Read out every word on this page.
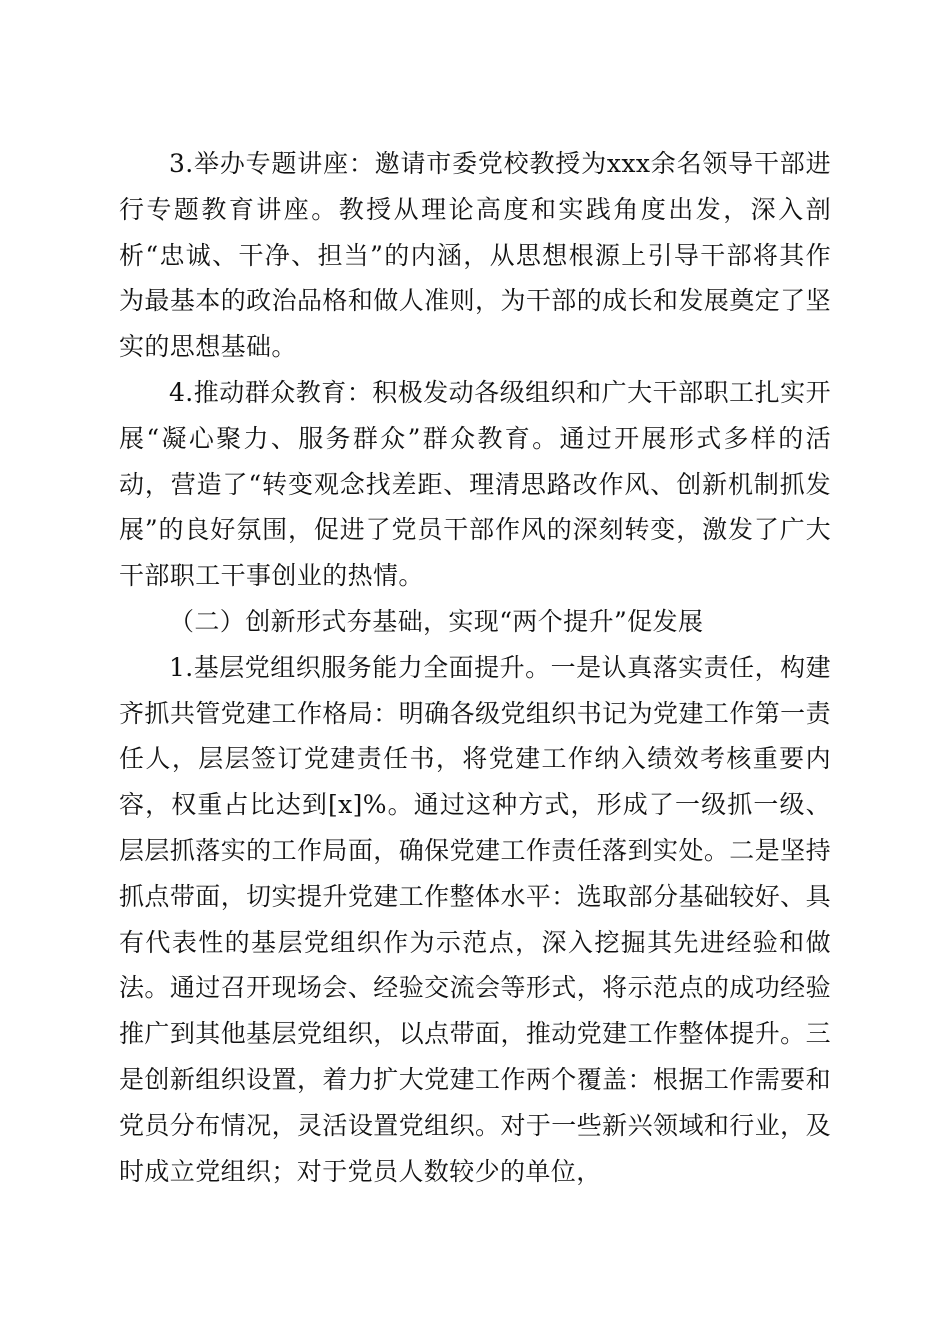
3.举办专题讲座：邀请市委党校教授为xxx余名领导干部进行专题教育讲座。教授从理论高度和实践角度出发，深入剖析“忠诚、干净、担当”的内涵，从思想根源上引导干部将其作为最基本的政治品格和做人准则，为干部的成长和发展奠定了坚实的思想基础。

4.推动群众教育：积极发动各级组织和广大干部职工扎实开展“凝心聚力、服务群众”群众教育。通过开展形式多样的活动，营造了“转变观念找差距、理清思路改作风、创新机制抓发展”的良好氛围，促进了党员干部作风的深刻转变，激发了广大干部职工干事创业的热情。

（二）创新形式夯基础，实现“两个提升”促发展

1.基层党组织服务能力全面提升。一是认真落实责任，构建齐抓共管党建工作格局：明确各级党组织书记为党建工作第一责任人，层层签订党建责任书，将党建工作纳入绩效考核重要内容，权重占比达到[x]%。通过这种方式，形成了一级抓一级、层层抓落实的工作局面，确保党建工作责任落到实处。二是坚持抓点带面，切实提升党建工作整体水平：选取部分基础较好、具有代表性的基层党组织作为示范点，深入挖掘其先进经验和做法。通过召开现场会、经验交流会等形式，将示范点的成功经验推广到其他基层党组织，以点带面，推动党建工作整体提升。三是创新组织设置，着力扩大党建工作两个覆盖：根据工作需要和党员分布情况，灵活设置党组织。对于一些新兴领域和行业，及时成立党组织；对于党员人数较少的单位，
